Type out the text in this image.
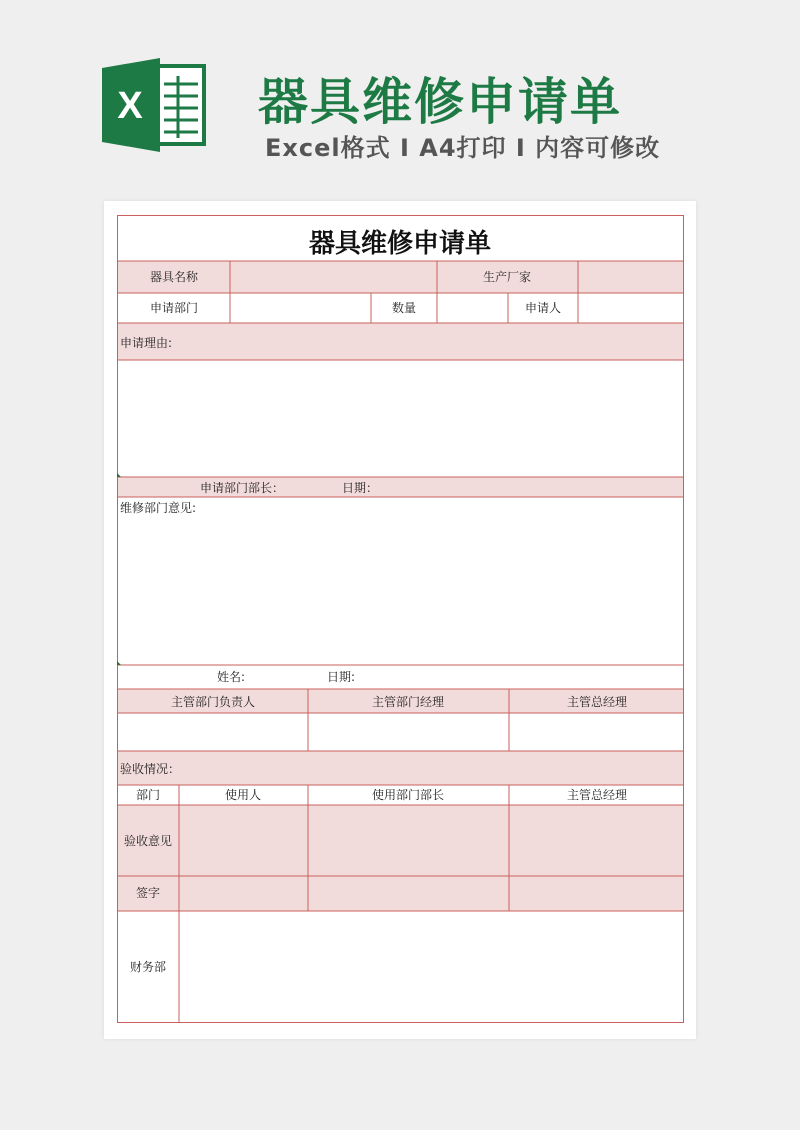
X 器具维修申请单
Excel格式 I A4打印 I 内容可修改
器具维修申请单
器具名称	生产厂家
申请部门	数量	申请人
申请理由:
申请部门部长：	日期：
维修部门意见:
姓名:	日期:
主管部门负责人	主管部门经理	主管总经理
验收情况：
部门	使用人	使用部门部长	主管总经理
验收意见
签字
财务部
